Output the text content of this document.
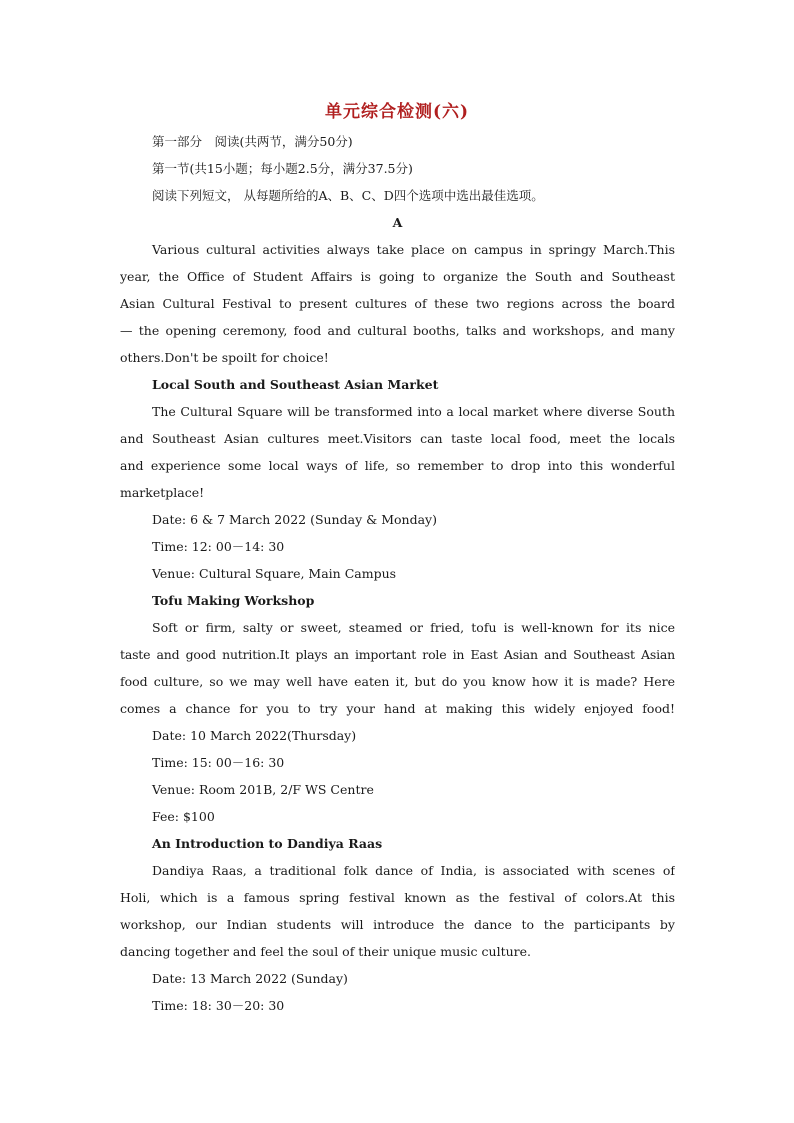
单元综合检测(六)
第一部分　阅读(共两节，满分50分)
第一节(共15小题；每小题2.5分，满分37.5分)
阅读下列短文， 从每题所给的A、B、C、D四个选项中选出最佳选项。
A
Various cultural activities always take place on campus in springy March.This
year, the Office of Student Affairs is going to organize the South and Southeast
Asian Cultural Festival to present cultures of these two regions across the board
— the opening ceremony, food and cultural booths, talks and workshops, and many
others.Don't be spoilt for choice!
Local South and Southeast Asian Market
The Cultural Square will be transformed into a local market where diverse South
and Southeast Asian cultures meet.Visitors can taste local food, meet the locals
and experience some local ways of life, so remember to drop into this wonderful
marketplace!
Date: 6 & 7 March 2022 (Sunday & Monday)
Time: 12: 00－14: 30
Venue: Cultural Square, Main Campus
Tofu Making Workshop
Soft or firm, salty or sweet, steamed or fried, tofu is well-known for its nice
taste and good nutrition.It plays an important role in East Asian and Southeast Asian
food culture, so we may well have eaten it, but do you know how it is made? Here
comes a chance for you to try your hand at making this widely enjoyed food!
Date: 10 March 2022(Thursday)
Time: 15: 00－16: 30
Venue: Room 201B, 2/F WS Centre
Fee: $100
An Introduction to Dandiya Raas
Dandiya Raas, a traditional folk dance of India, is associated with scenes of
Holi, which is a famous spring festival known as the festival of colors.At this
workshop, our Indian students will introduce the dance to the participants by
dancing together and feel the soul of their unique music culture.
Date: 13 March 2022 (Sunday)
Time: 18: 30－20: 30
